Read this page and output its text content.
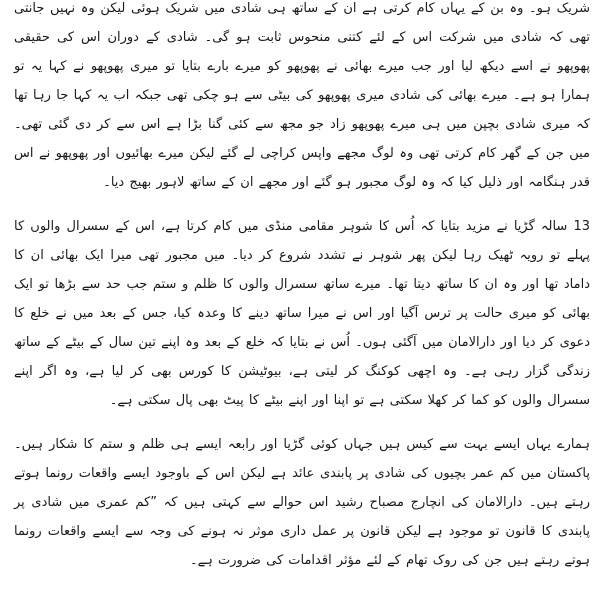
شریک ہو۔ وہ بن کے یہاں کام کرتی ہے ان کے ساتھ ہی شادی میں شریک ہوئی لیکن وہ نہیں جانتی تھی کہ شادی میں شرکت اس کے لئے کتنی منحوس ثابت ہو گی۔ شادی کے دوران اس کی حقیقی پھوپھو نے اسے دیکھ لیا اور جب میرے بھائی نے پھوپھو کو میرے بارے بتایا تو میری پھوپھو نے کہا یہ تو ہمارا ہو ہے۔ میرے بھائی کی شادی میری پھوپھو کی بیٹی سے ہو چکی تھی جبکہ اب یہ کہا جا رہا تھا کہ میری شادی بچپن میں ہی میرے پھوپھو زاد جو مجھ سے کئی گنا بڑا ہے اس سے کر دی گئی تھی۔ میں جن کے گھر کام کرتی تھی وہ لوگ مجھے واپس کراچی لے گئے لیکن میرے بھائیوں اور پھوپھو نے اس قدر ہنگامہ اور ذلیل کیا کہ وہ لوگ مجبور ہو گئے اور مجھے ان کے ساتھ لاہور بھیج دیا۔

13 سالہ گڑیا نے مزید بتایا کہ اُس کا شوہر مقامی منڈی میں کام کرتا ہے، اس کے سسرال والوں کا پہلے تو رویہ ٹھیک رہا لیکن پھر شوہر نے تشدد شروع کر دیا۔ میں مجبور تھی میرا ایک بھائی ان کا داماد تھا اور وہ ان کا ساتھ دیتا تھا۔ میرے ساتھ سسرال والوں کا ظلم و ستم جب حد سے بڑھا تو ایک بھائی کو میری حالت پر ترس آگیا اور اس نے میرا ساتھ دینے کا وعدہ کیا، جس کے بعد میں نے خلع کا دعوی کر دیا اور دارالامان میں آگئی ہوں۔ اُس نے بتایا کہ خلع کے بعد وہ اپنے تین سال کے بیٹے کے ساتھ زندگی گزار رہی ہے۔ وہ اچھی کوکنگ کر لیتی ہے، بیوٹیشن کا کورس بھی کر لیا ہے، وہ اگر اپنے سسرال والوں کو کما کر کھلا سکتی ہے تو اپنا اور اپنے بیٹے کا پیٹ بھی پال سکتی ہے۔

ہمارے یہاں ایسے بہت سے کیس ہیں جہاں کوئی گڑیا اور رابعہ ایسے ہی ظلم و ستم کا شکار ہیں۔ پاکستان میں کم عمر بچیوں کی شادی پر پابندی عائد ہے لیکن اس کے باوجود ایسے واقعات رونما ہوتے رہتے ہیں۔ دارالامان کی انچارج مصباح رشید اس حوالے سے کہتی ہیں کہ ”کم عمری میں شادی پر پابندی کا قانون تو موجود ہے لیکن قانون پر عمل داری موثر نہ ہونے کی وجہ سے ایسے واقعات رونما ہوتے رہتے ہیں جن کی روک تھام کے لئے مؤثر اقدامات کی ضرورت ہے۔
